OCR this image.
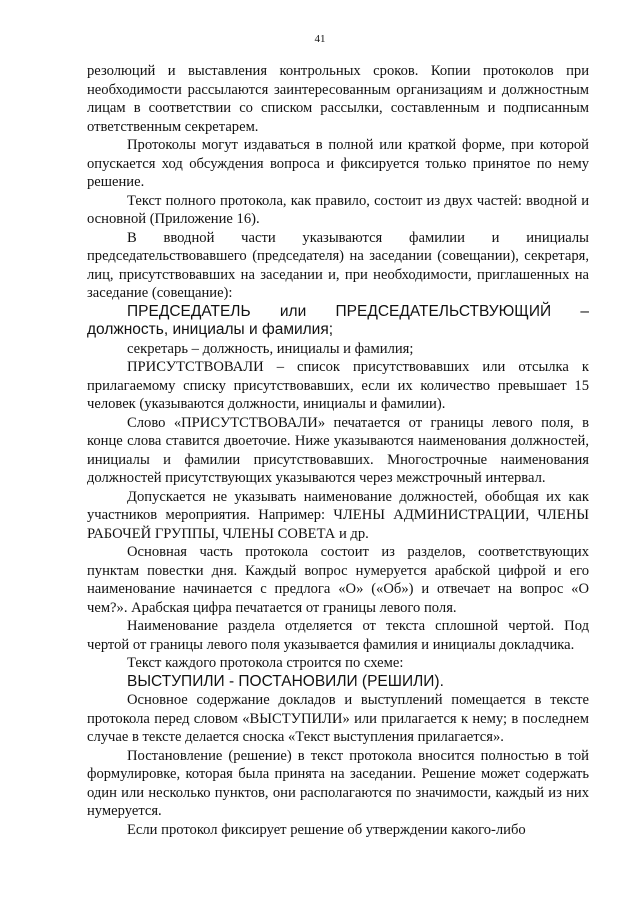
41

резолюций и выставления контрольных сроков. Копии протоколов при необходимости рассылаются заинтересованным организациям и должностным лицам в соответствии со списком рассылки, составленным и подписанным ответственным секретарем.

Протоколы могут издаваться в полной или краткой форме, при которой опускается ход обсуждения вопроса и фиксируется только принятое по нему решение.

Текст полного протокола, как правило, состоит из двух частей: вводной и основной (Приложение 16).

В вводной части указываются фамилии и инициалы председательствовавшего (председателя) на заседании (совещании), секретаря, лиц, присутствовавших на заседании и, при необходимости, приглашенных на заседание (совещание):

ПРЕДСЕДАТЕЛЬ или ПРЕДСЕДАТЕЛЬСТВУЮЩИЙ – должность, инициалы и фамилия;

секретарь – должность, инициалы и фамилия;

ПРИСУТСТВОВАЛИ – список присутствовавших или отсылка к прилагаемому списку присутствовавших, если их количество превышает 15 человек (указываются должности, инициалы и фамилии).

Слово «ПРИСУТСТВОВАЛИ» печатается от границы левого поля, в конце слова ставится двоеточие. Ниже указываются наименования должностей, инициалы и фамилии присутствовавших. Многострочные наименования должностей присутствующих указываются через межстрочный интервал.

Допускается не указывать наименование должностей, обобщая их как участников мероприятия. Например: ЧЛЕНЫ АДМИНИСТРАЦИИ, ЧЛЕНЫ РАБОЧЕЙ ГРУППЫ, ЧЛЕНЫ СОВЕТА и др.

Основная часть протокола состоит из разделов, соответствующих пунктам повестки дня. Каждый вопрос нумеруется арабской цифрой и его наименование начинается с предлога «О» («Об») и отвечает на вопрос «О чем?». Арабская цифра печатается от границы левого поля.

Наименование раздела отделяется от текста сплошной чертой. Под чертой от границы левого поля указывается фамилия и инициалы докладчика.

Текст каждого протокола строится по схеме:

ВЫСТУПИЛИ - ПОСТАНОВИЛИ (РЕШИЛИ).

Основное содержание докладов и выступлений помещается в тексте протокола перед словом «ВЫСТУПИЛИ» или прилагается к нему; в последнем случае в тексте делается сноска «Текст выступления прилагается».

Постановление (решение) в текст протокола вносится полностью в той формулировке, которая была принята на заседании. Решение может содержать один или несколько пунктов, они располагаются по значимости, каждый из них нумеруется.

Если протокол фиксирует решение об утверждении какого-либо
